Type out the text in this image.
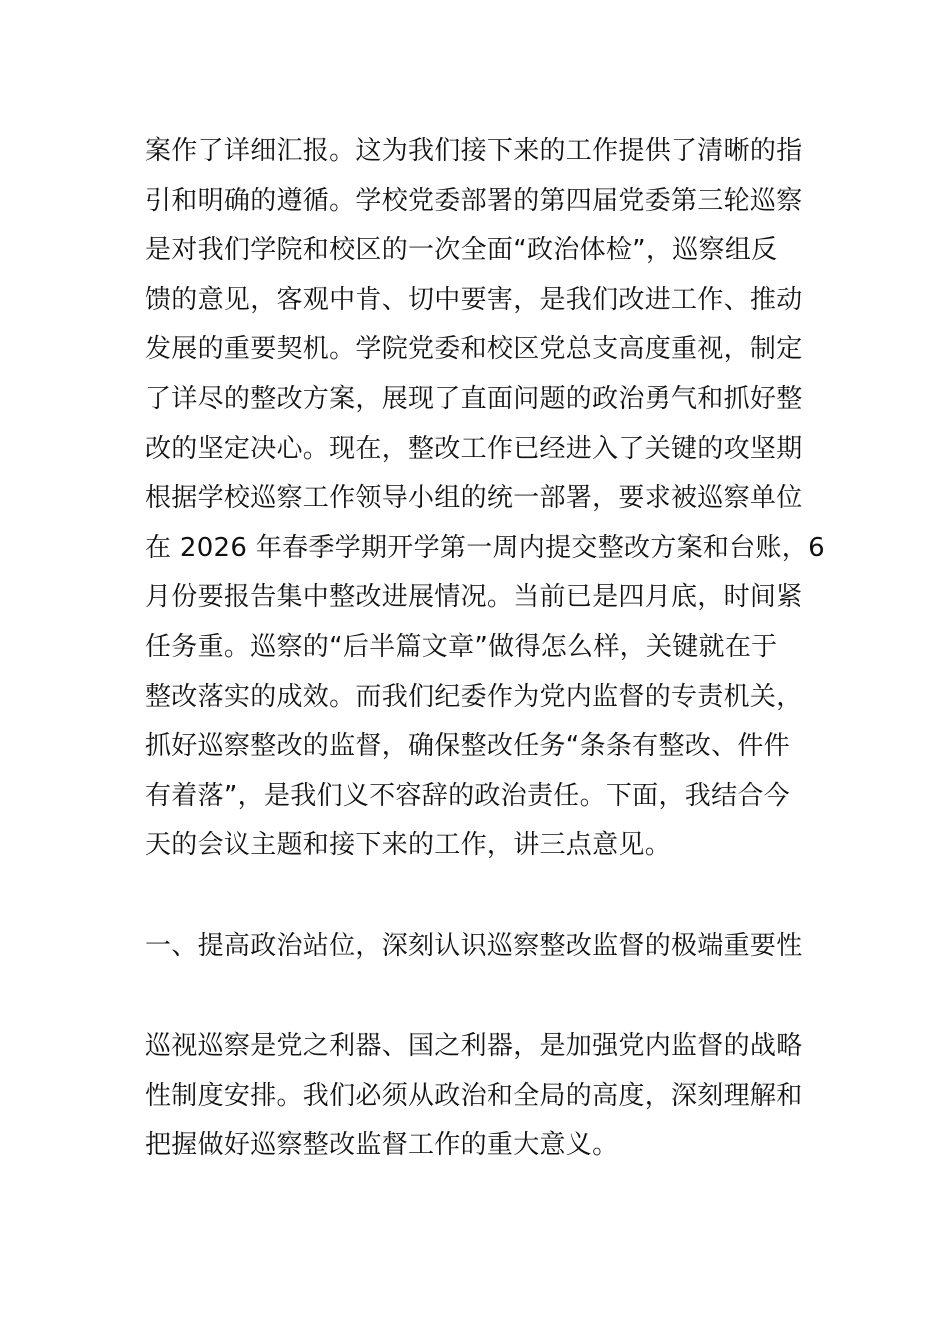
案作了详细汇报。这为我们接下来的工作提供了清晰的指
引和明确的遵循。学校党委部署的第四届党委第三轮巡察
是对我们学院和校区的一次全面“政治体检”，巡察组反
馈的意见，客观中肯、切中要害，是我们改进工作、推动
发展的重要契机。学院党委和校区党总支高度重视，制定
了详尽的整改方案，展现了直面问题的政治勇气和抓好整
改的坚定决心。现在，整改工作已经进入了关键的攻坚期
根据学校巡察工作领导小组的统一部署，要求被巡察单位
在 2026 年春季学期开学第一周内提交整改方案和台账，6
月份要报告集中整改进展情况。当前已是四月底，时间紧
任务重。巡察的“后半篇文章”做得怎么样，关键就在于
整改落实的成效。而我们纪委作为党内监督的专责机关，
抓好巡察整改的监督，确保整改任务“条条有整改、件件
有着落”，是我们义不容辞的政治责任。下面，我结合今
天的会议主题和接下来的工作，讲三点意见。
一、提高政治站位，深刻认识巡察整改监督的极端重要性
巡视巡察是党之利器、国之利器，是加强党内监督的战略
性制度安排。我们必须从政治和全局的高度，深刻理解和
把握做好巡察整改监督工作的重大意义。
